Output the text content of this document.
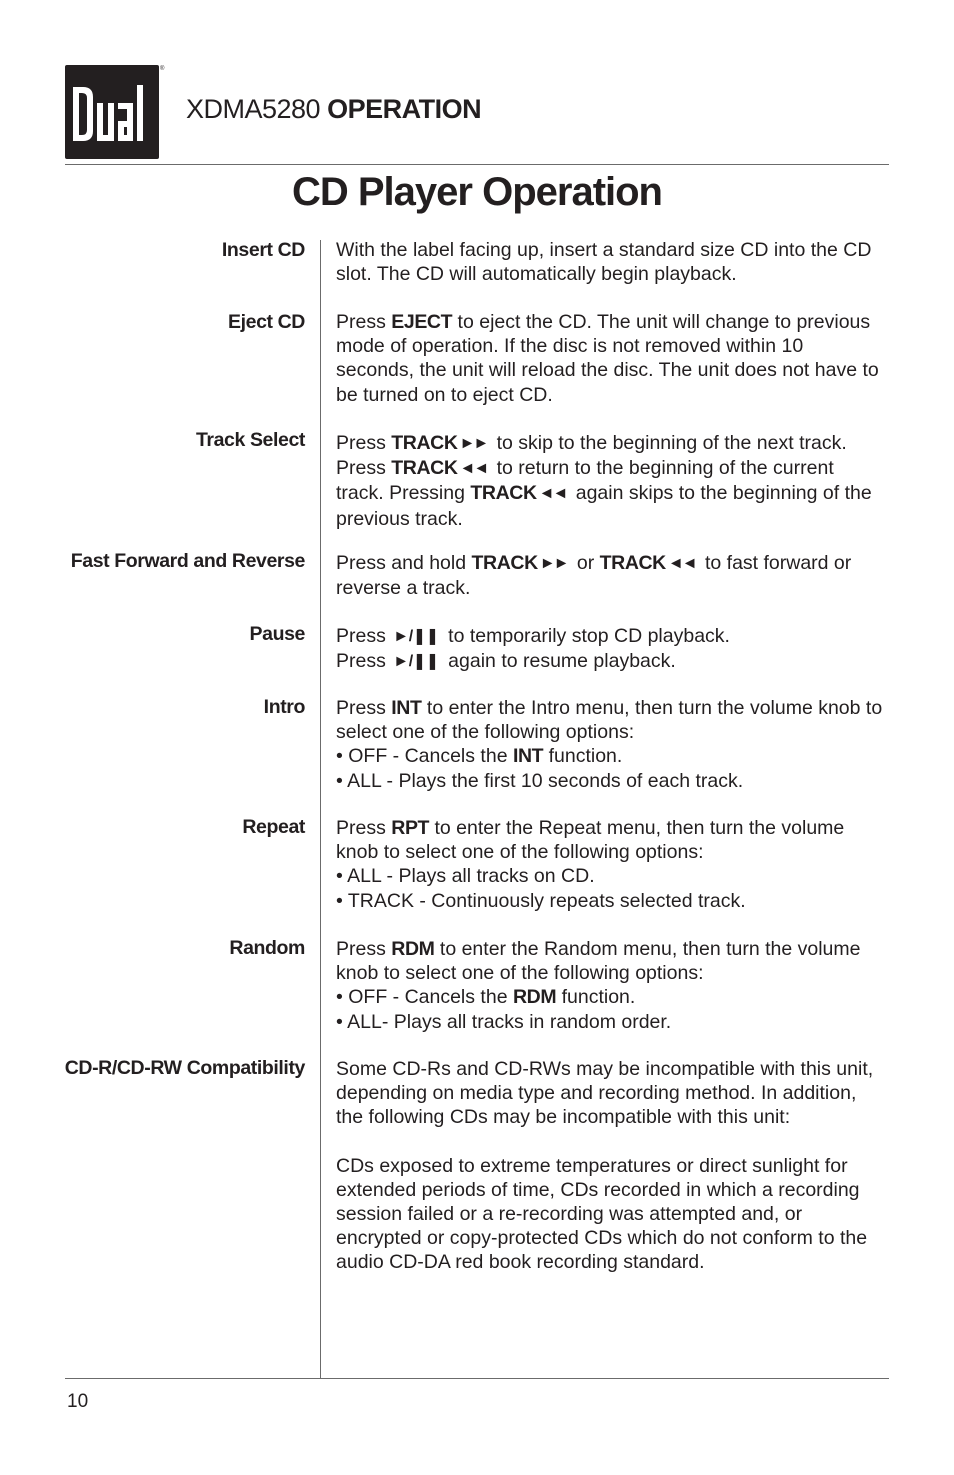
®
XDMA5280 OPERATION
CD Player Operation
Insert CD With the label facing up, insert a standard size CD into the CD slot. The CD will automatically begin playback.

Eject CD Press EJECT to eject the CD. The unit will change to previous mode of operation. If the disc is not removed within 10 seconds, the unit will reload the disc. The unit does not have to be turned on to eject CD.

Track Select Press TRACK ►► to skip to the beginning of the next track. Press TRACK ◄◄ to return to the beginning of the current track. Pressing TRACK ◄◄ again skips to the beginning of the previous track.

Fast Forward and Reverse Press and hold TRACK ►► or TRACK ◄◄ to fast forward or reverse a track.

Pause Press ►/❚❚ to temporarily stop CD playback.

Press ►/❚❚ again to resume playback.

Intro Press INT to enter the Intro menu, then turn the volume knob to select one of the following options:

• OFF - Cancels the INT function.

• ALL - Plays the first 10 seconds of each track.

Repeat Press RPT to enter the Repeat menu, then turn the volume knob to select one of the following options:

• ALL - Plays all tracks on CD.

• TRACK - Continuously repeats selected track.

Random Press RDM to enter the Random menu, then turn the volume knob to select one of the following options:

• OFF - Cancels the RDM function.

• ALL- Plays all tracks in random order.

CD-R/CD-RW Compatibility Some CD-Rs and CD-RWs may be incompatible with this unit, depending on media type and recording method. In addition, the following CDs may be incompatible with this unit:

CDs exposed to extreme temperatures or direct sunlight for extended periods of time, CDs recorded in which a recording session failed or a re-recording was attempted and, or encrypted or copy-protected CDs which do not conform to the audio CD-DA red book recording standard.

10
